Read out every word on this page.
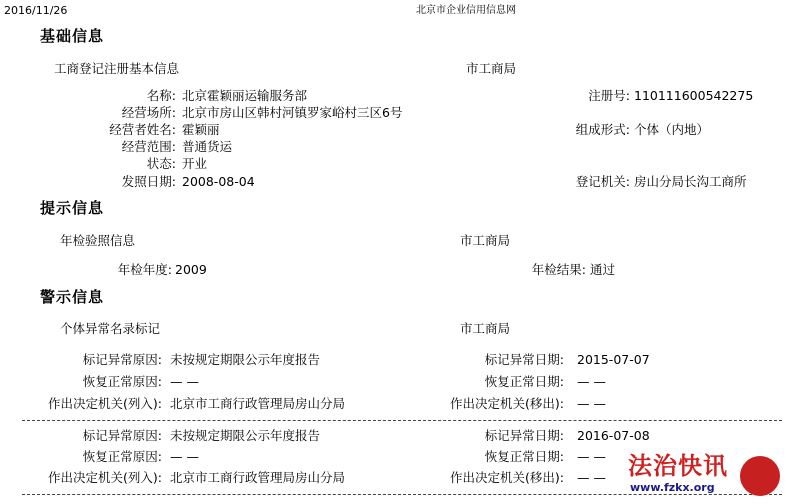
2016/11/26	北京市企业信用信息网
基础信息
工商登记注册基本信息	市工商局
名称: 北京霍颖丽运输服务部	注册号: 110111600542275
经营场所: 北京市房山区韩村河镇罗家峪村三区6号
经营者姓名: 霍颖丽	组成形式: 个体（内地）
经营范围: 普通货运
状态: 开业
发照日期: 2008-08-04	登记机关: 房山分局长沟工商所
提示信息
年检验照信息	市工商局
年检年度: 2009	年检结果: 通过
警示信息
个体异常名录标记	市工商局
标记异常原因: 未按规定期限公示年度报告	标记异常日期: 2015-07-07
恢复正常原因: — —	恢复正常日期: — —
作出决定机关(列入): 北京市工商行政管理局房山分局	作出决定机关(移出): — —
标记异常原因: 未按规定期限公示年度报告	标记异常日期: 2016-07-08
恢复正常原因: — —	恢复正常日期: — —
作出决定机关(列入): 北京市工商行政管理局房山分局	作出决定机关(移出): — — 法治快讯
www.fzkx.org
